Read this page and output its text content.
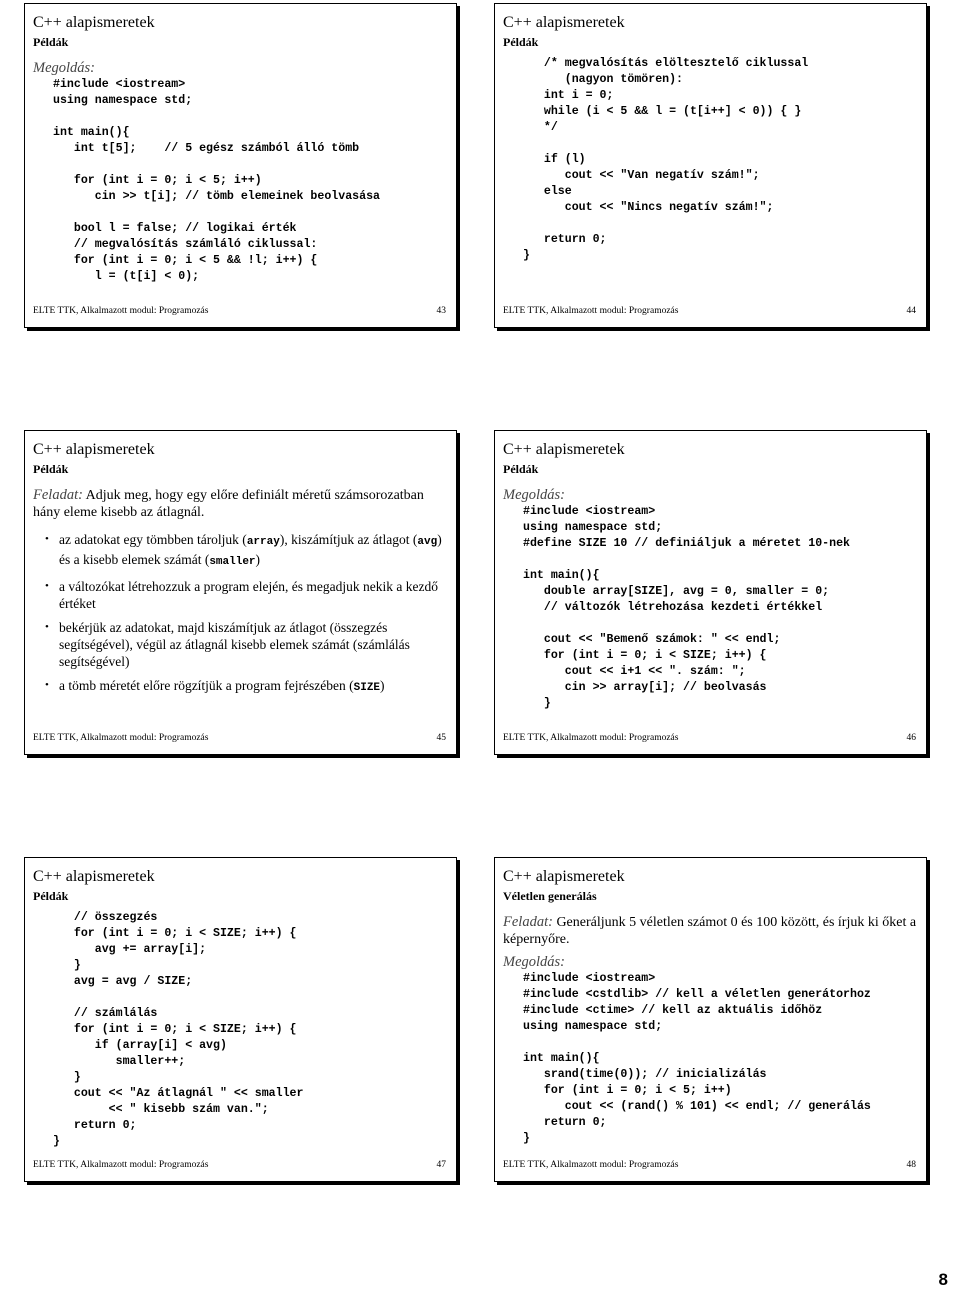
C++ alapismeretek
Példák
Megoldás:
#include <iostream>
using namespace std;

int main(){
int t[5];    // 5 egész számból álló tömb

for (int i = 0; i < 5; i++)
cin >> t[i]; // tömb elemeinek beolvasása

bool l = false; // logikai érték
// megvalósítás számláló ciklussal:
for (int i = 0; i < 5 && !l; i++) {
l = (t[i] < 0);
ELTE TTK, Alkalmazott modul: Programozás	43
C++ alapismeretek
Példák
/* megvalósítás elöltesztelő ciklussal
(nagyon tömören):
int i = 0;
while (i < 5 && l = (t[i++] < 0)) { }
*/

if (l)
cout << "Van negatív szám!";
else
cout << "Nincs negatív szám!";

return 0;
}
ELTE TTK, Alkalmazott modul: Programozás	44
C++ alapismeretek
Példák
Feladat: Adjuk meg, hogy egy előre definiált méretű számsorozatban hány eleme kisebb az átlagnál.
• az adatokat egy tömbben tároljuk (array), kiszámítjuk az átlagot (avg) és a kisebb elemek számát (smaller)
• a változókat létrehozzuk a program elején, és megadjuk nekik a kezdő értéket
• bekérjük az adatokat, majd kiszámítjuk az átlagot (összegzés segítségével), végül az átlagnál kisebb elemek számát (számlálás segítségével)
• a tömb méretét előre rögzítjük a program fejrészében (SIZE)
ELTE TTK, Alkalmazott modul: Programozás	45
C++ alapismeretek
Példák
Megoldás:
#include <iostream>
using namespace std;
#define SIZE 10 // definiáljuk a méretet 10-nek

int main(){
double array[SIZE], avg = 0, smaller = 0;
// változók létrehozása kezdeti értékkel

cout << "Bemenő számok: " << endl;
for (int i = 0; i < SIZE; i++) {
cout << i+1 << ". szám: ";
cin >> array[i]; // beolvasás
}
ELTE TTK, Alkalmazott modul: Programozás	46
C++ alapismeretek
Példák
// összegzés
for (int i = 0; i < SIZE; i++) {
avg += array[i];
}
avg = avg / SIZE;

// számlálás
for (int i = 0; i < SIZE; i++) {
if (array[i] < avg)
smaller++;
}
cout << "Az átlagnál " << smaller
<< " kisebb szám van.";
return 0;
}
ELTE TTK, Alkalmazott modul: Programozás	47
C++ alapismeretek
Véletlen generálás
Feladat: Generáljunk 5 véletlen számot 0 és 100 között, és írjuk ki őket a képernyőre.
Megoldás:
#include <iostream>
#include <cstdlib> // kell a véletlen generátorhoz
#include <ctime> // kell az aktuális időhöz
using namespace std;

int main(){
srand(time(0)); // inicializálás
for (int i = 0; i < 5; i++)
cout << (rand() % 101) << endl; // generálás
return 0;
}
ELTE TTK, Alkalmazott modul: Programozás	48
8
